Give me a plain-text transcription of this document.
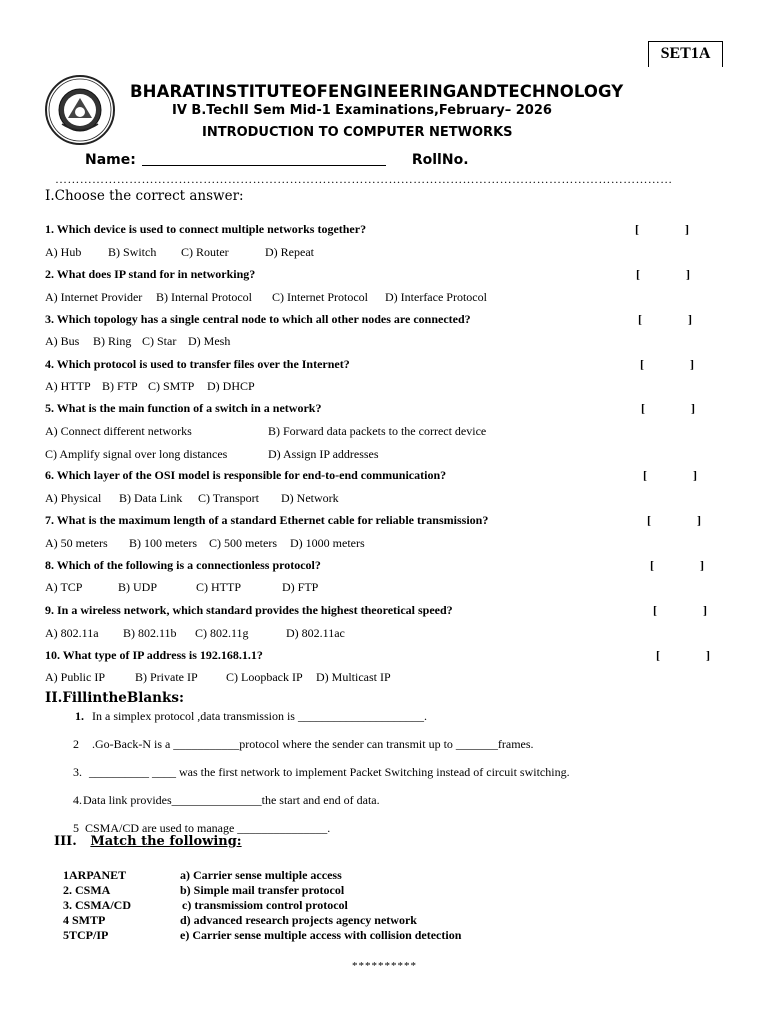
SET1A
BHARATINSTITUTEOFENGINEERINGANDTECHNOLOGY
IV B.TechII Sem Mid-1 Examinations,February– 2026
INTRODUCTION TO COMPUTER NETWORKS
Name:	RollNo.
……………………………………………………………………………………………………………………………………
I.Choose the correct answer:
1. Which device is used to connect multiple networks together?	[	]
A) Hub B) Switch C) Router	D) Repeat
2. What does IP stand for in networking?	[	]
A) Internet Provider B) Internal Protocol C) Internet Protocol D) Interface Protocol
3. Which topology has a single central node to which all other nodes are connected?	[	]
A) Bus B) Ring C) Star D) Mesh
4. Which protocol is used to transfer files over the Internet?	[	]
A) HTTP B) FTP C) SMTP D) DHCP
5. What is the main function of a switch in a network?	[	]
A) Connect different networks	B) Forward data packets to the correct device
C) Amplify signal over long distances	D) Assign IP addresses
6. Which layer of the OSI model is responsible for end-to-end communication?	[	]
A) Physical B) Data Link C) Transport D) Network
7. What is the maximum length of a standard Ethernet cable for reliable transmission?	[	]
A) 50 meters B) 100 meters C) 500 meters D) 1000 meters
8. Which of the following is a connectionless protocol?	[	]
A) TCP	B) UDP	C) HTTP	D) FTP
9. In a wireless network, which standard provides the highest theoretical speed?	[	]
A) 802.11a B) 802.11b C) 802.11g	D) 802.11ac
10. What type of IP address is 192.168.1.1?	[	]
A) Public IP	B) Private IP C) Loopback IP D) Multicast IP
II.FillintheBlanks:
1. In a simplex protocol ,data transmission is _____________________.
2 .Go-Back-N is a ___________protocol where the sender can transmit up to _______frames.
3. __________ ____ was the first network to implement Packet Switching instead of circuit switching.
4. Data link provides_______________the start and end of data.
5 CSMA/CD are used to manage _______________.
III. Match the following:
1ARPANET	a) Carrier sense multiple access
2. CSMA	b) Simple mail transfer protocol
3. CSMA/CD	c) transmissiom control protocol
4 SMTP	d) advanced research projects agency network
5TCP/IP	e) Carrier sense multiple access with collision detection
**********
